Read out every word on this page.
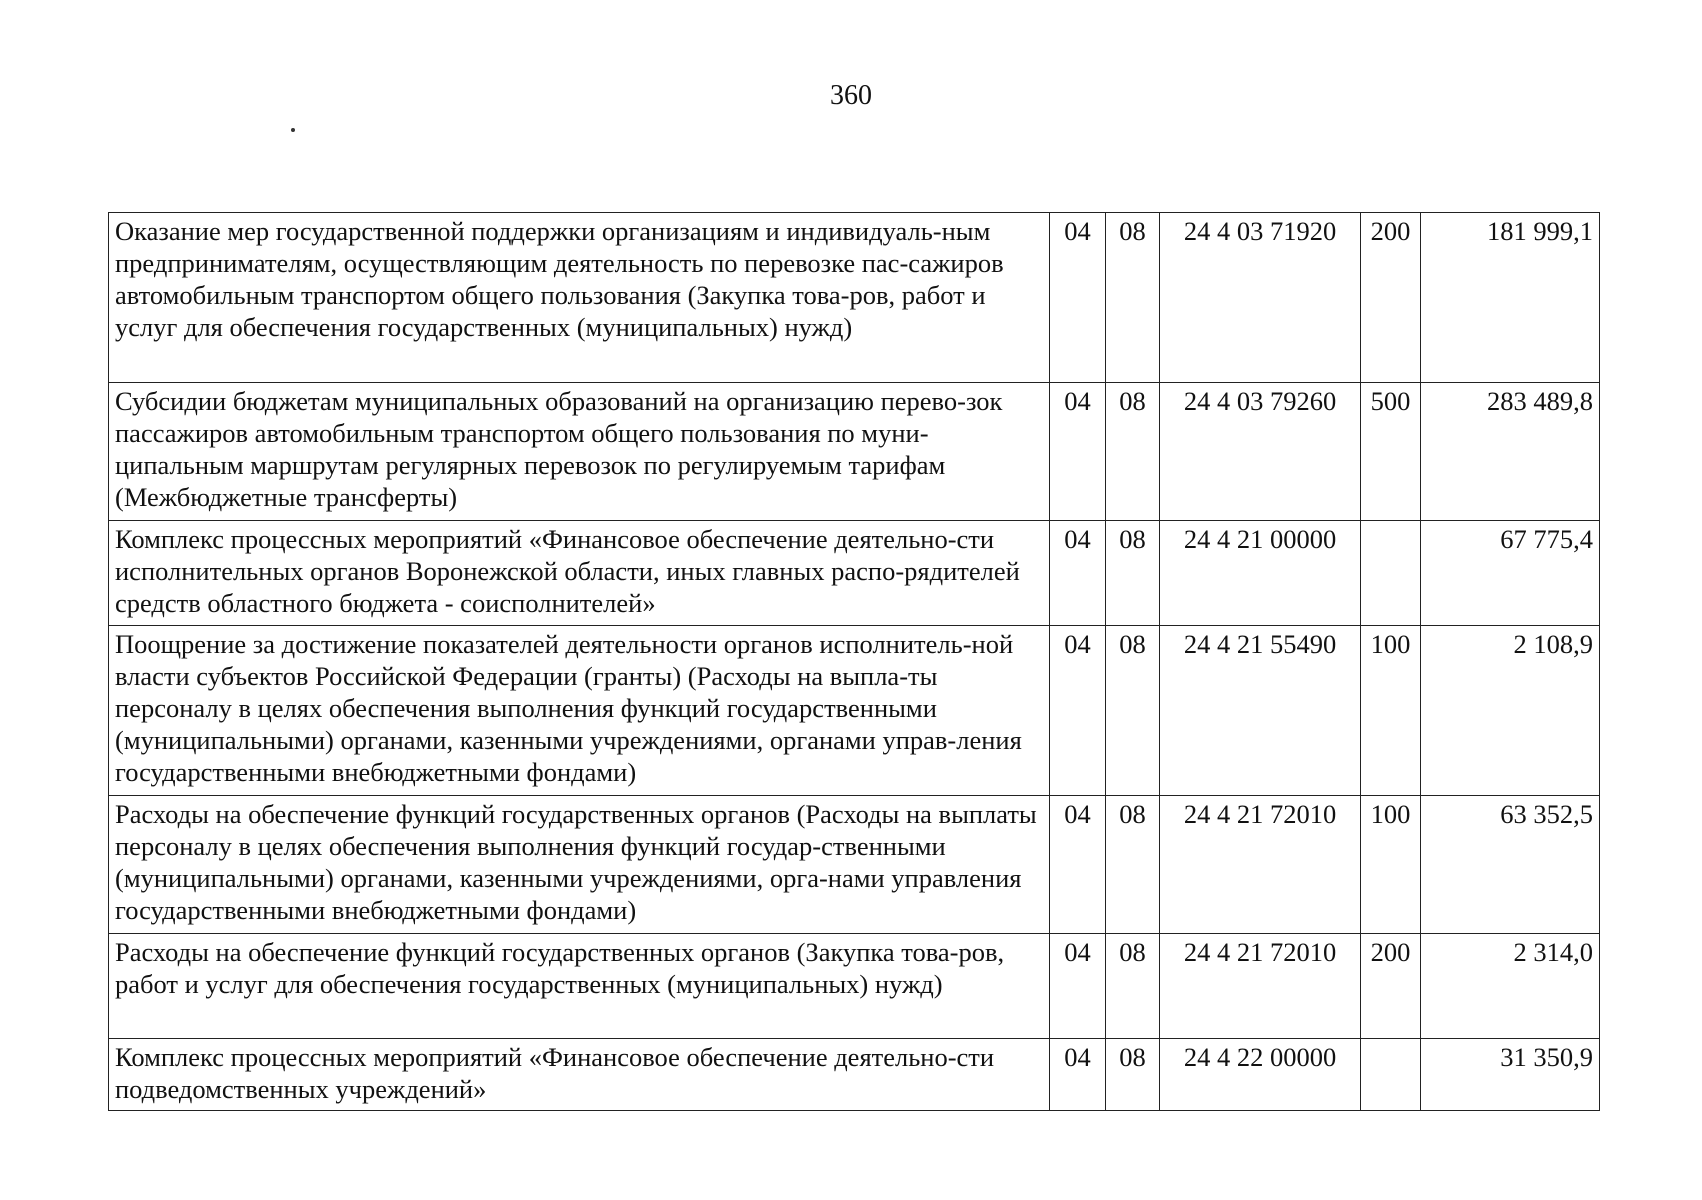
360
Оказание мер государственной поддержки организациям и индивидуаль-ным предпринимателям, осуществляющим деятельность по перевозке пас-сажиров автомобильным транспортом общего пользования (Закупка това-ров, работ и услуг для обеспечения государственных (муниципальных) нужд)	04	08	24 4 03 71920	200	181 999,1
Субсидии бюджетам муниципальных образований на организацию перево-зок пассажиров автомобильным транспортом общего пользования по муни-ципальным маршрутам регулярных перевозок по регулируемым тарифам (Межбюджетные трансферты)	04	08	24 4 03 79260	500	283 489,8
Комплекс процессных мероприятий «Финансовое обеспечение деятельно-сти исполнительных органов Воронежской области, иных главных распо-рядителей средств областного бюджета - соисполнителей»	04	08	24 4 21 00000		67 775,4
Поощрение за достижение показателей деятельности органов исполнитель-ной власти субъектов Российской Федерации (гранты) (Расходы на выпла-ты персоналу в целях обеспечения выполнения функций государственными (муниципальными) органами, казенными учреждениями, органами управ-ления государственными внебюджетными фондами)	04	08	24 4 21 55490	100	2 108,9
Расходы на обеспечение функций государственных органов (Расходы на выплаты персоналу в целях обеспечения выполнения функций государ-ственными (муниципальными) органами, казенными учреждениями, орга-нами управления государственными внебюджетными фондами)	04	08	24 4 21 72010	100	63 352,5
Расходы на обеспечение функций государственных органов (Закупка това-ров, работ и услуг для обеспечения государственных (муниципальных) нужд)	04	08	24 4 21 72010	200	2 314,0
Комплекс процессных мероприятий «Финансовое обеспечение деятельно-сти подведомственных учреждений»	04	08	24 4 22 00000		31 350,9
